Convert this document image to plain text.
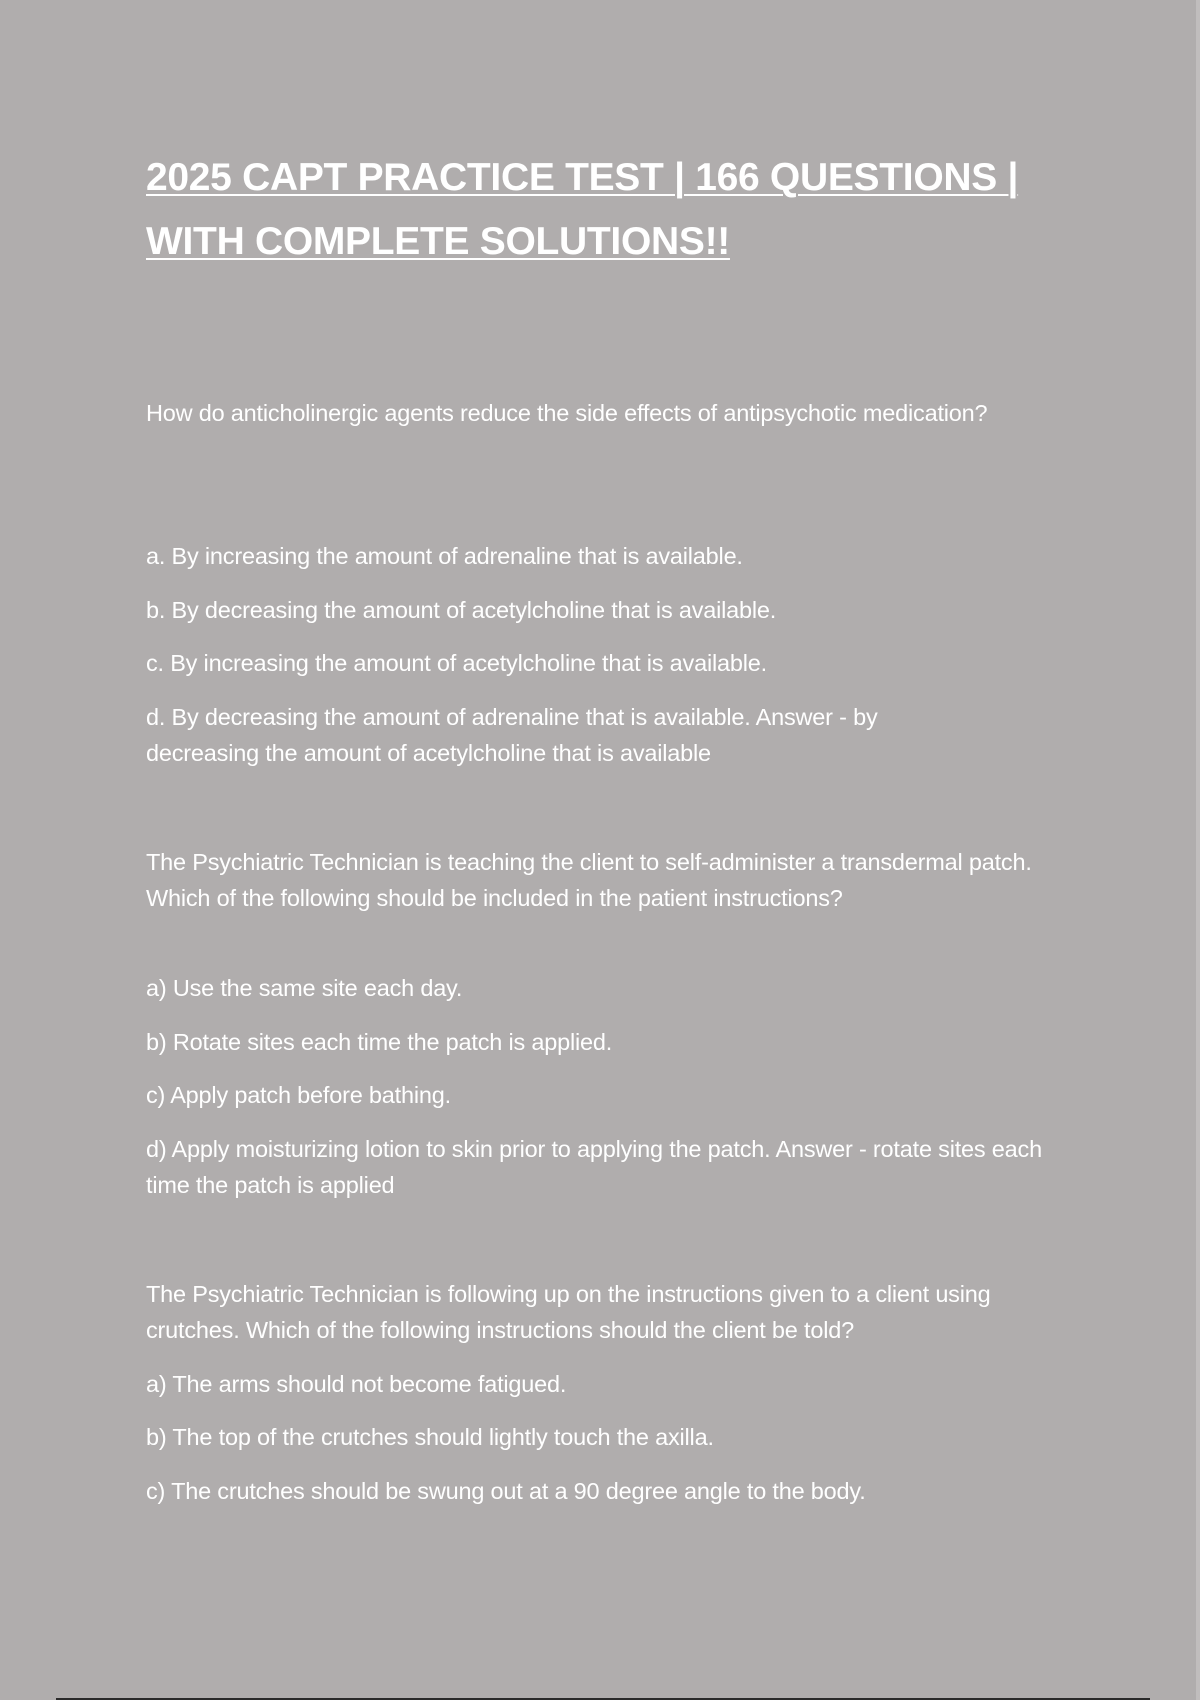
2025 CAPT PRACTICE TEST | 166 QUESTIONS | WITH COMPLETE SOLUTIONS!!

How do anticholinergic agents reduce the side effects of antipsychotic medication?

a. By increasing the amount of adrenaline that is available.

b. By decreasing the amount of acetylcholine that is available.

c. By increasing the amount of acetylcholine that is available.

d. By decreasing the amount of adrenaline that is available. Answer - by decreasing the amount of acetylcholine that is available

The Psychiatric Technician is teaching the client to self-administer a transdermal patch. Which of the following should be included in the patient instructions?

a) Use the same site each day.

b) Rotate sites each time the patch is applied.

c) Apply patch before bathing.

d) Apply moisturizing lotion to skin prior to applying the patch. Answer - rotate sites each time the patch is applied

The Psychiatric Technician is following up on the instructions given to a client using crutches. Which of the following instructions should the client be told?

a) The arms should not become fatigued.

b) The top of the crutches should lightly touch the axilla.

c) The crutches should be swung out at a 90 degree angle to the body.
